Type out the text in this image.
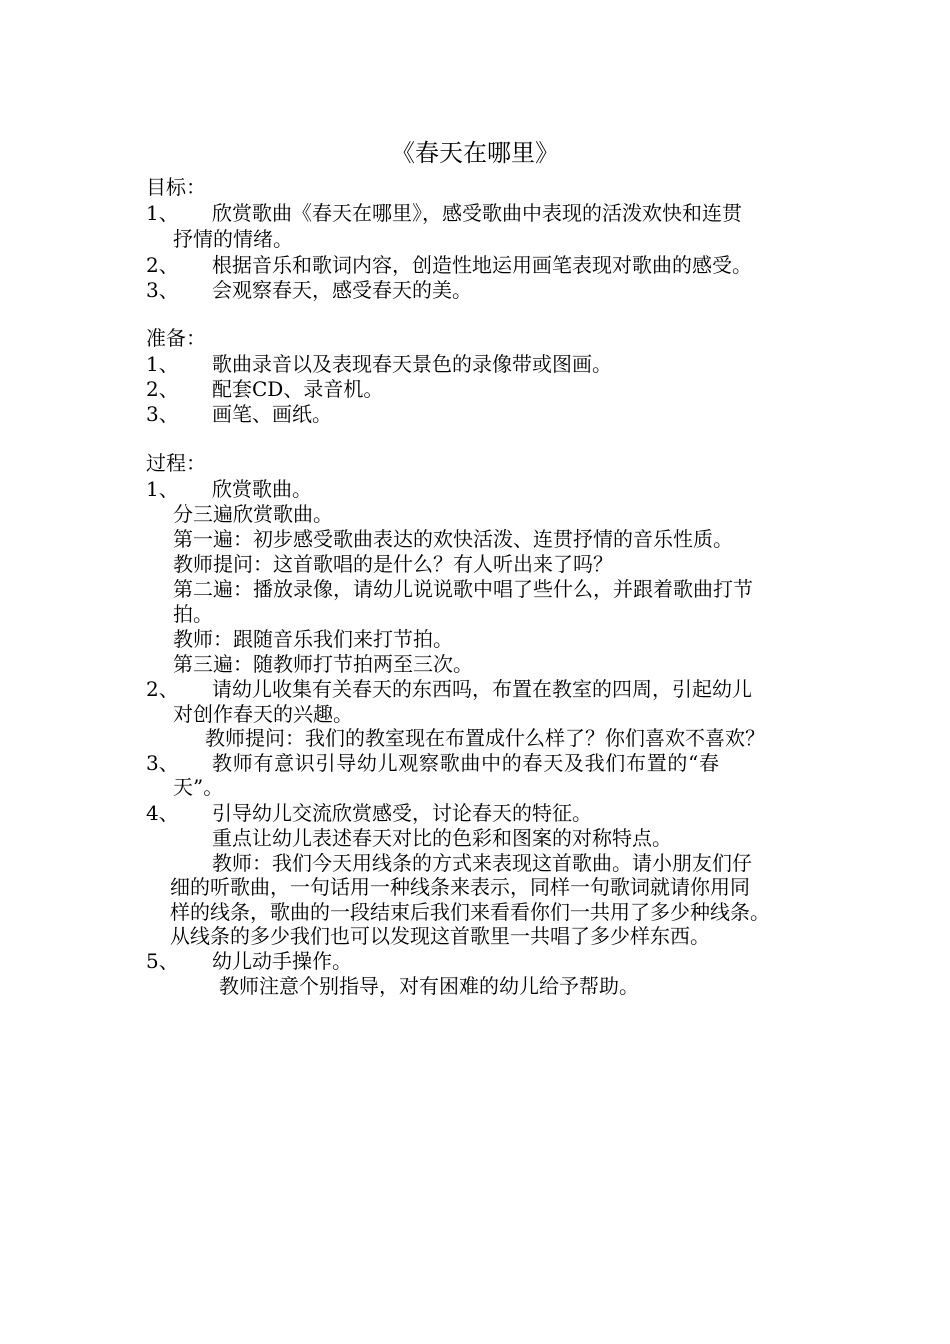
《春天在哪里》
目标：
1、 欣赏歌曲《春天在哪里》，感受歌曲中表现的活泼欢快和连贯
抒情的情绪。
2、 根据音乐和歌词内容，创造性地运用画笔表现对歌曲的感受。
3、 会观察春天，感受春天的美。
准备：
1、 歌曲录音以及表现春天景色的录像带或图画。
2、 配套CD、录音机。
3、 画笔、画纸。
过程：
1、 欣赏歌曲。
分三遍欣赏歌曲。
第一遍：初步感受歌曲表达的欢快活泼、连贯抒情的音乐性质。
教师提问：这首歌唱的是什么？有人听出来了吗？
第二遍：播放录像，请幼儿说说歌中唱了些什么，并跟着歌曲打节
拍。
教师：跟随音乐我们来打节拍。
第三遍：随教师打节拍两至三次。
2、 请幼儿收集有关春天的东西吗，布置在教室的四周，引起幼儿
对创作春天的兴趣。
教师提问：我们的教室现在布置成什么样了？你们喜欢不喜欢？
3、 教师有意识引导幼儿观察歌曲中的春天及我们布置的“春
天”。
4、 引导幼儿交流欣赏感受，讨论春天的特征。
重点让幼儿表述春天对比的色彩和图案的对称特点。
教师：我们今天用线条的方式来表现这首歌曲。请小朋友们仔
细的听歌曲，一句话用一种线条来表示，同样一句歌词就请你用同
样的线条，歌曲的一段结束后我们来看看你们一共用了多少种线条。
从线条的多少我们也可以发现这首歌里一共唱了多少样东西。
5、 幼儿动手操作。
教师注意个别指导，对有困难的幼儿给予帮助。
